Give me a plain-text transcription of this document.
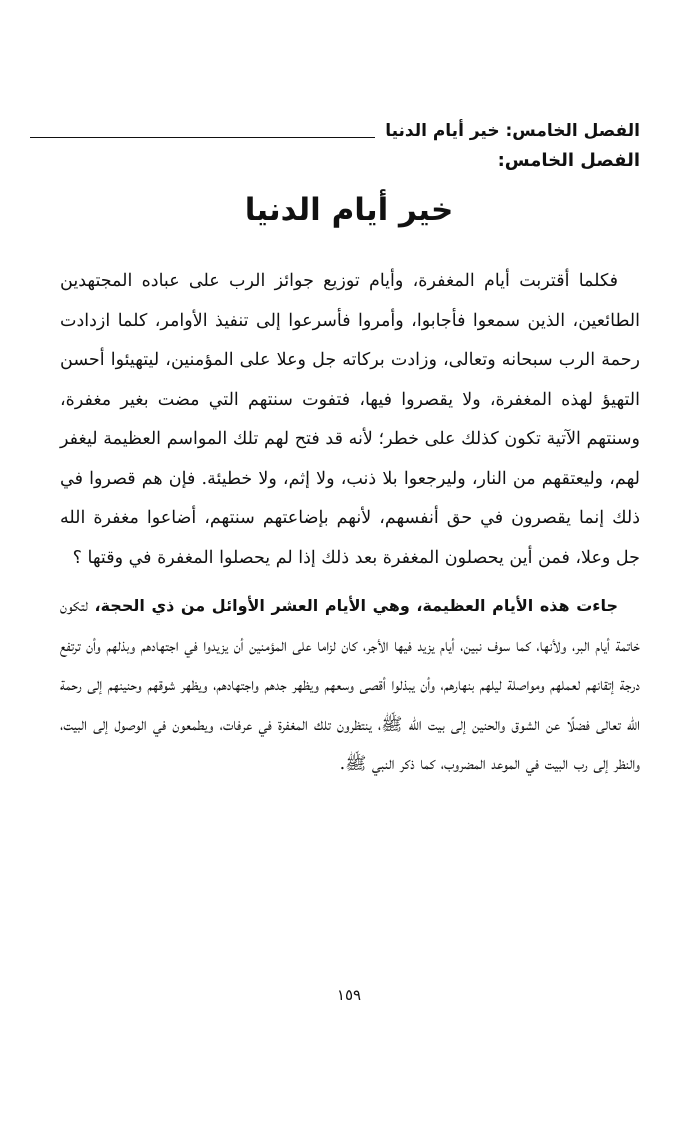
الفصل الخامس: خير أيام الدنيا
الفصل الخامس:
خير أيام الدنيا

فكلما أقتربت أيام المغفرة، وأيام توزيع جوائز الرب على عباده المجتهدين الطائعين، الذين سمعوا فأجابوا، وأمروا فأسرعوا إلى تنفيذ الأوامر، كلما ازدادت رحمة الرب سبحانه وتعالى، وزادت بركاته جل وعلا على المؤمنين، ليتهيئوا أحسن التهيؤ لهذه المغفرة، ولا يقصروا فيها، فتفوت سنتهم التي مضت بغير مغفرة، وسنتهم الآتية تكون كذلك على خطر؛ لأنه قد فتح لهم تلك المواسم العظيمة ليغفر لهم، وليعتقهم من النار، وليرجعوا بلا ذنب، ولا إثم، ولا خطيئة. فإن هم قصروا في ذلك إنما يقصرون في حق أنفسهم، لأنهم بإضاعتهم سنتهم، أضاعوا مغفرة الله جل وعلا، فمن أين يحصلون المغفرة بعد ذلك إذا لم يحصلوا المغفرة في وقتها ؟

جاءت هذه الأيام العظيمة، وهي الأيام العشر الأوائل من ذي الحجة، لتكون خاتمة أيام البر، ولأنها، كما سوف نبين، أيام يزيد فيها الأجر، كان لزاما على المؤمنين أن يزيدوا في اجتهادهم وبذلهم وأن ترتفع درجة إتقانهم لعملهم ومواصلة ليلهم بنهارهم، وأن يبذلوا أقصى وسعهم ويظهر جدهم واجتهادهم، ويظهر شوقهم وحنينهم إلى رحمة الله تعالى فضلًا عن الشوق والحنين إلى بيت الله ﷺ، ينتظرون تلك المغفرة في عرفات، ويطمعون في الوصول إلى البيت، والنظر إلى رب البيت في الموعد المضروب، كما ذكر النبي ﷺ.

١٥٩
